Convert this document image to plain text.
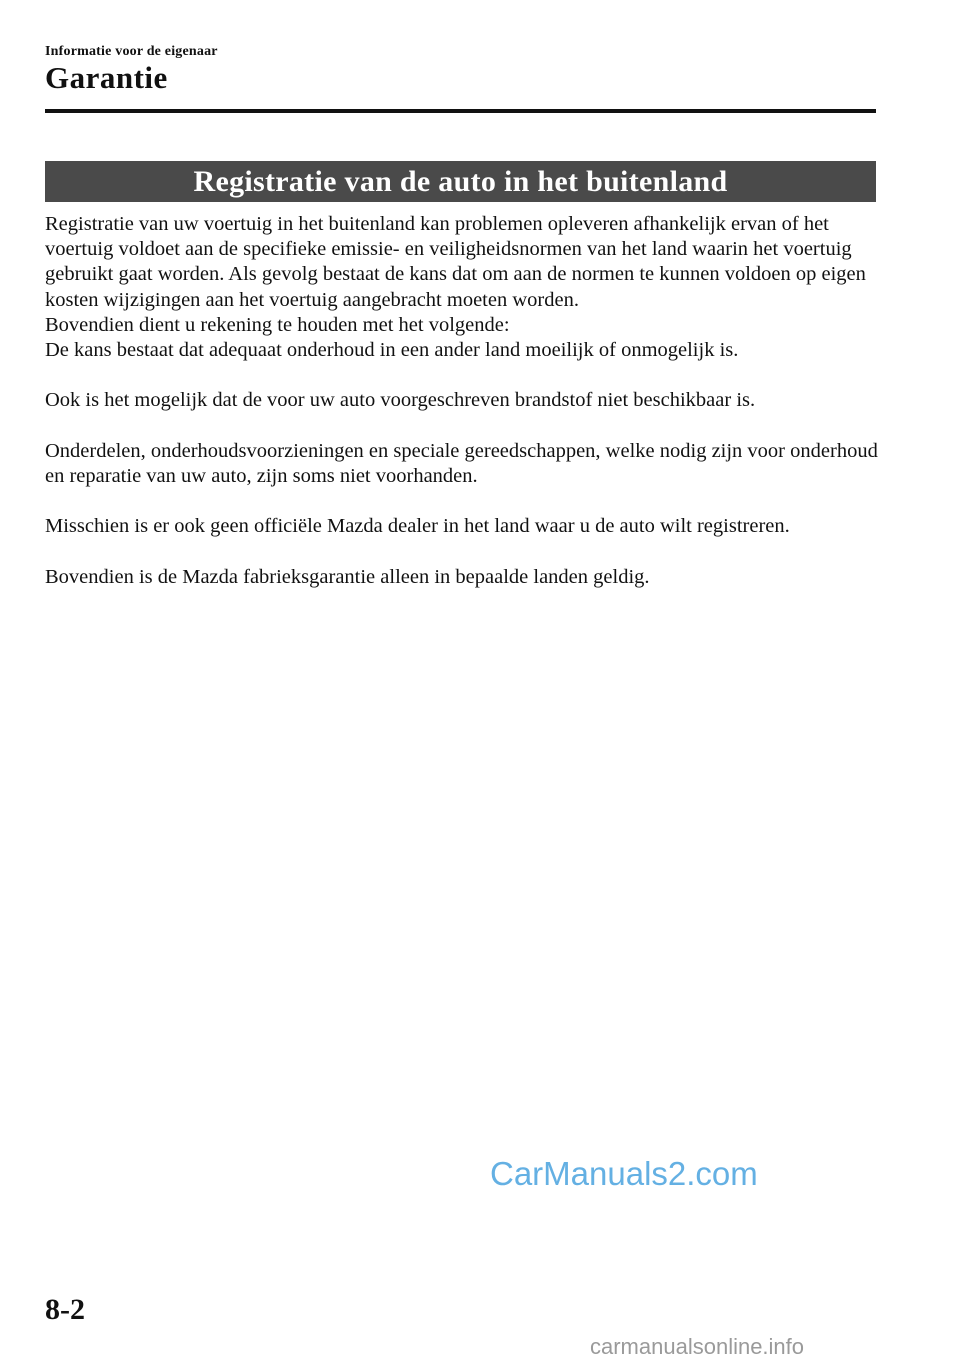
Informatie voor de eigenaar
Garantie
Registratie van de auto in het buitenland

Registratie van uw voertuig in het buitenland kan problemen opleveren afhankelijk ervan of het voertuig voldoet aan de specifieke emissie- en veiligheidsnormen van het land waarin het voertuig gebruikt gaat worden. Als gevolg bestaat de kans dat om aan de normen te kunnen voldoen op eigen kosten wijzigingen aan het voertuig aangebracht moeten worden.

Bovendien dient u rekening te houden met het volgende:

De kans bestaat dat adequaat onderhoud in een ander land moeilijk of onmogelijk is.

Ook is het mogelijk dat de voor uw auto voorgeschreven brandstof niet beschikbaar is.

Onderdelen, onderhoudsvoorzieningen en speciale gereedschappen, welke nodig zijn voor onderhoud en reparatie van uw auto, zijn soms niet voorhanden.

Misschien is er ook geen officiële Mazda dealer in het land waar u de auto wilt registreren.

Bovendien is de Mazda fabrieksgarantie alleen in bepaalde landen geldig.

CarManuals2.com
8-2
carmanualsonline.info
